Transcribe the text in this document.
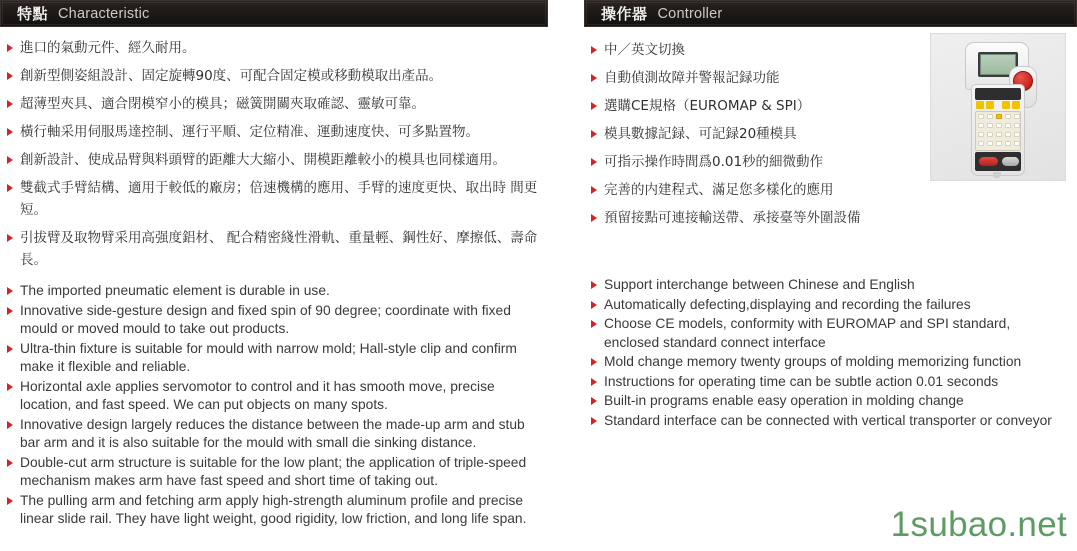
特點 Characteristic	操作器 Controller
進口的氣動元件、經久耐用。
創新型側姿組設計、固定旋轉90度、可配合固定模或移動模取出產品。
超薄型夾具、適合閉模窄小的模具；磁簧開關夾取確認、靈敏可靠。
橫行軸采用伺服馬達控制、運行平順、定位精准、運動速度快、可多點置物。
創新設計、使成品臂與料頭臂的距離大大縮小、開模距離較小的模具也同樣適用。
雙截式手臂結構、適用于較低的廠房；倍速機構的應用、手臂的速度更快、取出時 間更短。
引拔臂及取物臂采用高强度鋁材、 配合精密綫性滑軌、重量輕、鋼性好、摩擦低、壽命長。
The imported pneumatic element is durable in use.
Innovative side-gesture design and fixed spin of 90 degree; coordinate with fixed mould or moved mould to take out products.
Ultra-thin fixture is suitable for mould with narrow mold; Hall-style clip and confirm make it flexible and reliable.
Horizontal axle applies servomotor to control and it has smooth move, precise location, and fast speed. We can put objects on many spots.
Innovative design largely reduces the distance between the made-up arm and stub bar arm and it is also suitable for the mould with small die sinking distance.
Double-cut arm structure is suitable for the low plant; the application of triple-speed mechanism makes arm have fast speed and short time of taking out.
The pulling arm and fetching arm apply high-strength aluminum profile and precise linear slide rail. They have light weight, good rigidity, low friction, and long life span.
中／英文切換
自動偵測故障并警報記録功能
選購CE規格（EUROMAP & SPI）
模具數據記録、可記録20種模具
可指示操作時間爲0.01秒的細微動作
完善的内建程式、滿足您多樣化的應用
預留接點可連接輸送帶、承接臺等外圍設備
Support interchange between Chinese and English
Automatically defecting,displaying and recording the failures
Choose CE models, conformity with EUROMAP and SPI standard, enclosed standard connect interface
Mold change memory twenty groups of molding memorizing function
Instructions for operating time can be subtle action 0.01 seconds
Built-in programs enable easy operation in molding change
Standard interface can be connected with vertical transporter or conveyor
1subao.net
